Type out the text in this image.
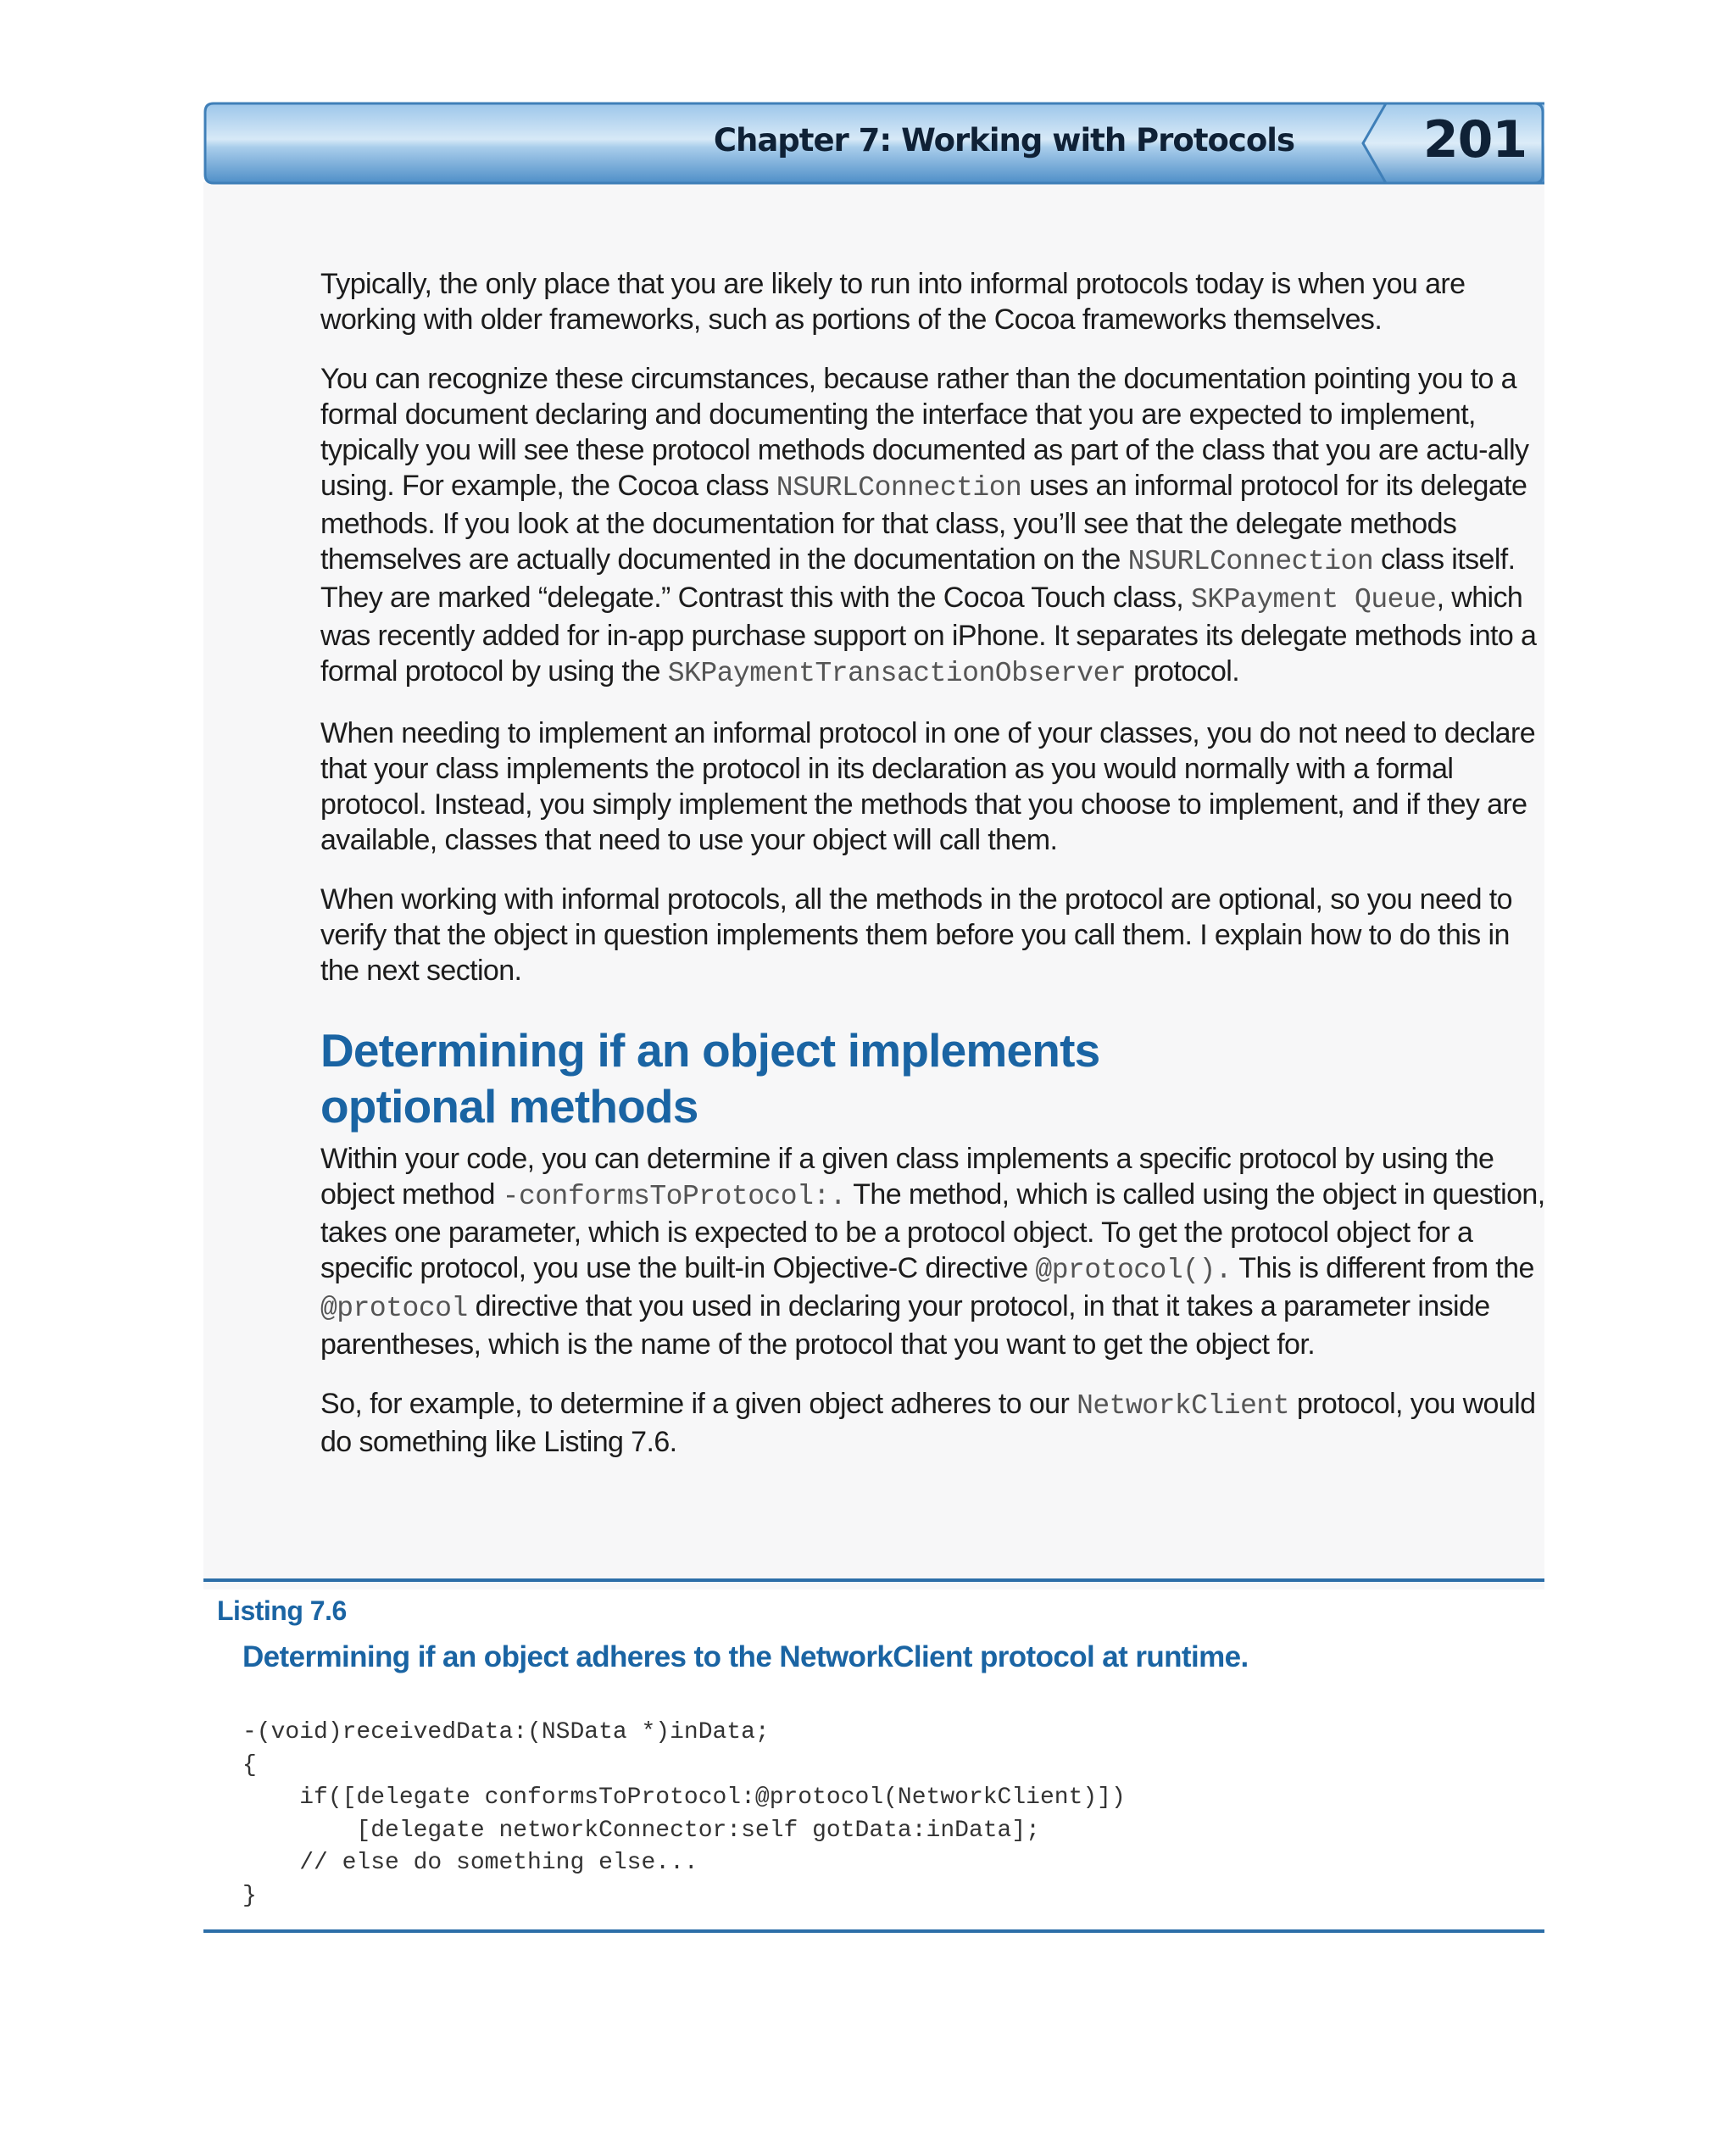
Chapter 7: Working with Protocols	201

Typically, the only place that you are likely to run into informal protocols today is when you are working with older frameworks, such as portions of the Cocoa frameworks themselves.

You can recognize these circumstances, because rather than the documentation pointing you to a formal document declaring and documenting the interface that you are expected to implement, typically you will see these protocol methods documented as part of the class that you are actu-ally using. For example, the Cocoa class NSURLConnection uses an informal protocol for its delegate methods. If you look at the documentation for that class, you’ll see that the delegate methods themselves are actually documented in the documentation on the NSURLConnection class itself. They are marked “delegate.” Contrast this with the Cocoa Touch class, SKPayment Queue, which was recently added for in-app purchase support on iPhone. It separates its delegate methods into a formal protocol by using the SKPaymentTransactionObserver protocol.

When needing to implement an informal protocol in one of your classes, you do not need to declare that your class implements the protocol in its declaration as you would normally with a formal protocol. Instead, you simply implement the methods that you choose to implement, and if they are available, classes that need to use your object will call them.

When working with informal protocols, all the methods in the protocol are optional, so you need to verify that the object in question implements them before you call them. I explain how to do this in the next section.

Determining if an object implements
optional methods

Within your code, you can determine if a given class implements a specific protocol by using the object method -conformsToProtocol:. The method, which is called using the object in question, takes one parameter, which is expected to be a protocol object. To get the protocol object for a specific protocol, you use the built-in Objective-C directive @protocol(). This is different from the @protocol directive that you used in declaring your protocol, in that it takes a parameter inside parentheses, which is the name of the protocol that you want to get the object for.

So, for example, to determine if a given object adheres to our NetworkClient protocol, you would do something like Listing 7.6.

Listing 7.6
Determining if an object adheres to the NetworkClient protocol at runtime.
-(void)receivedData:(NSData *)inData;
{
if([delegate conformsToProtocol:@protocol(NetworkClient)])
[delegate networkConnector:self gotData:inData];
// else do something else...
}
